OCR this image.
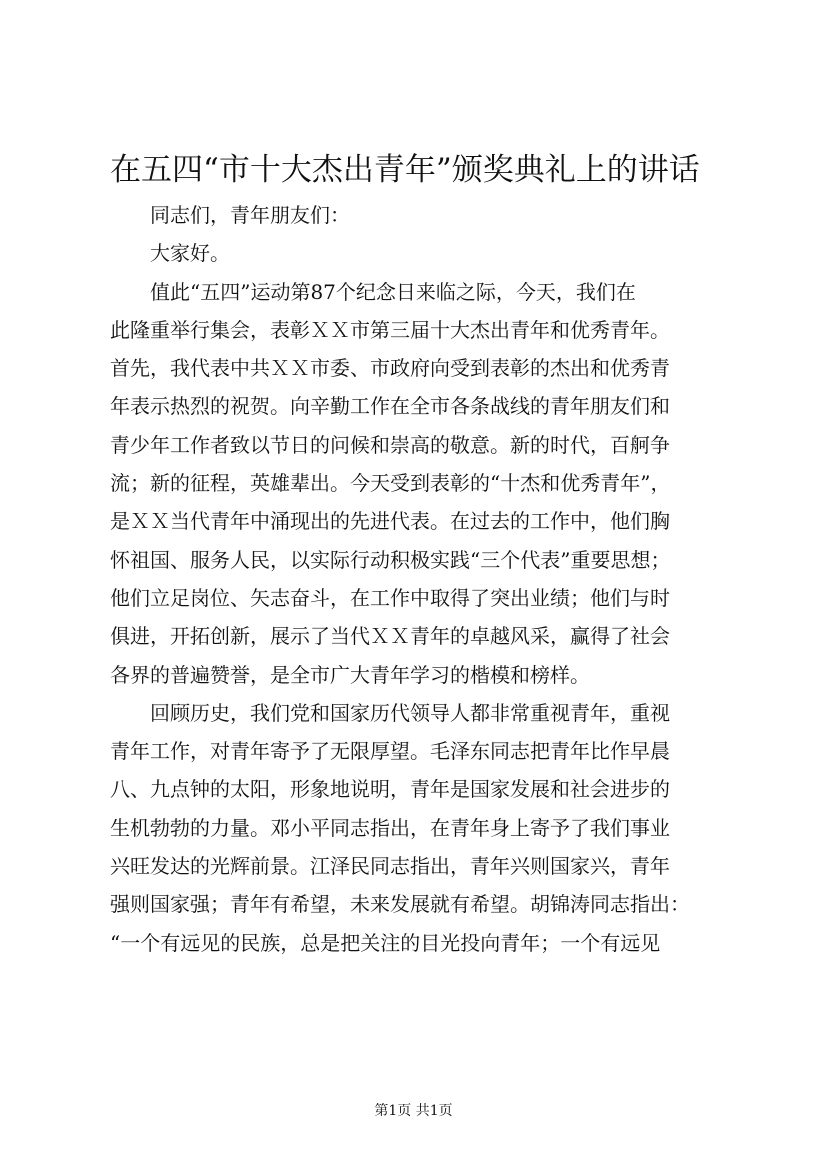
在五四“市十大杰出青年”颁奖典礼上的讲话
同志们，青年朋友们：
大家好。
值此“五四”运动第87个纪念日来临之际，今天，我们在
此隆重举行集会，表彰ＸＸ市第三届十大杰出青年和优秀青年。
首先，我代表中共ＸＸ市委、市政府向受到表彰的杰出和优秀青
年表示热烈的祝贺。向辛勤工作在全市各条战线的青年朋友们和
青少年工作者致以节日的问候和崇高的敬意。新的时代，百舸争
流；新的征程，英雄辈出。今天受到表彰的“十杰和优秀青年”，
是ＸＸ当代青年中涌现出的先进代表。在过去的工作中，他们胸
怀祖国、服务人民，以实际行动积极实践“三个代表”重要思想；
他们立足岗位、矢志奋斗，在工作中取得了突出业绩；他们与时
俱进，开拓创新，展示了当代ＸＸ青年的卓越风采，赢得了社会
各界的普遍赞誉，是全市广大青年学习的楷模和榜样。
回顾历史，我们党和国家历代领导人都非常重视青年，重视
青年工作，对青年寄予了无限厚望。毛泽东同志把青年比作早晨
八、九点钟的太阳，形象地说明，青年是国家发展和社会进步的
生机勃勃的力量。邓小平同志指出，在青年身上寄予了我们事业
兴旺发达的光辉前景。江泽民同志指出，青年兴则国家兴，青年
强则国家强；青年有希望，未来发展就有希望。胡锦涛同志指出：
“一个有远见的民族，总是把关注的目光投向青年；一个有远见
第1页 共1页
